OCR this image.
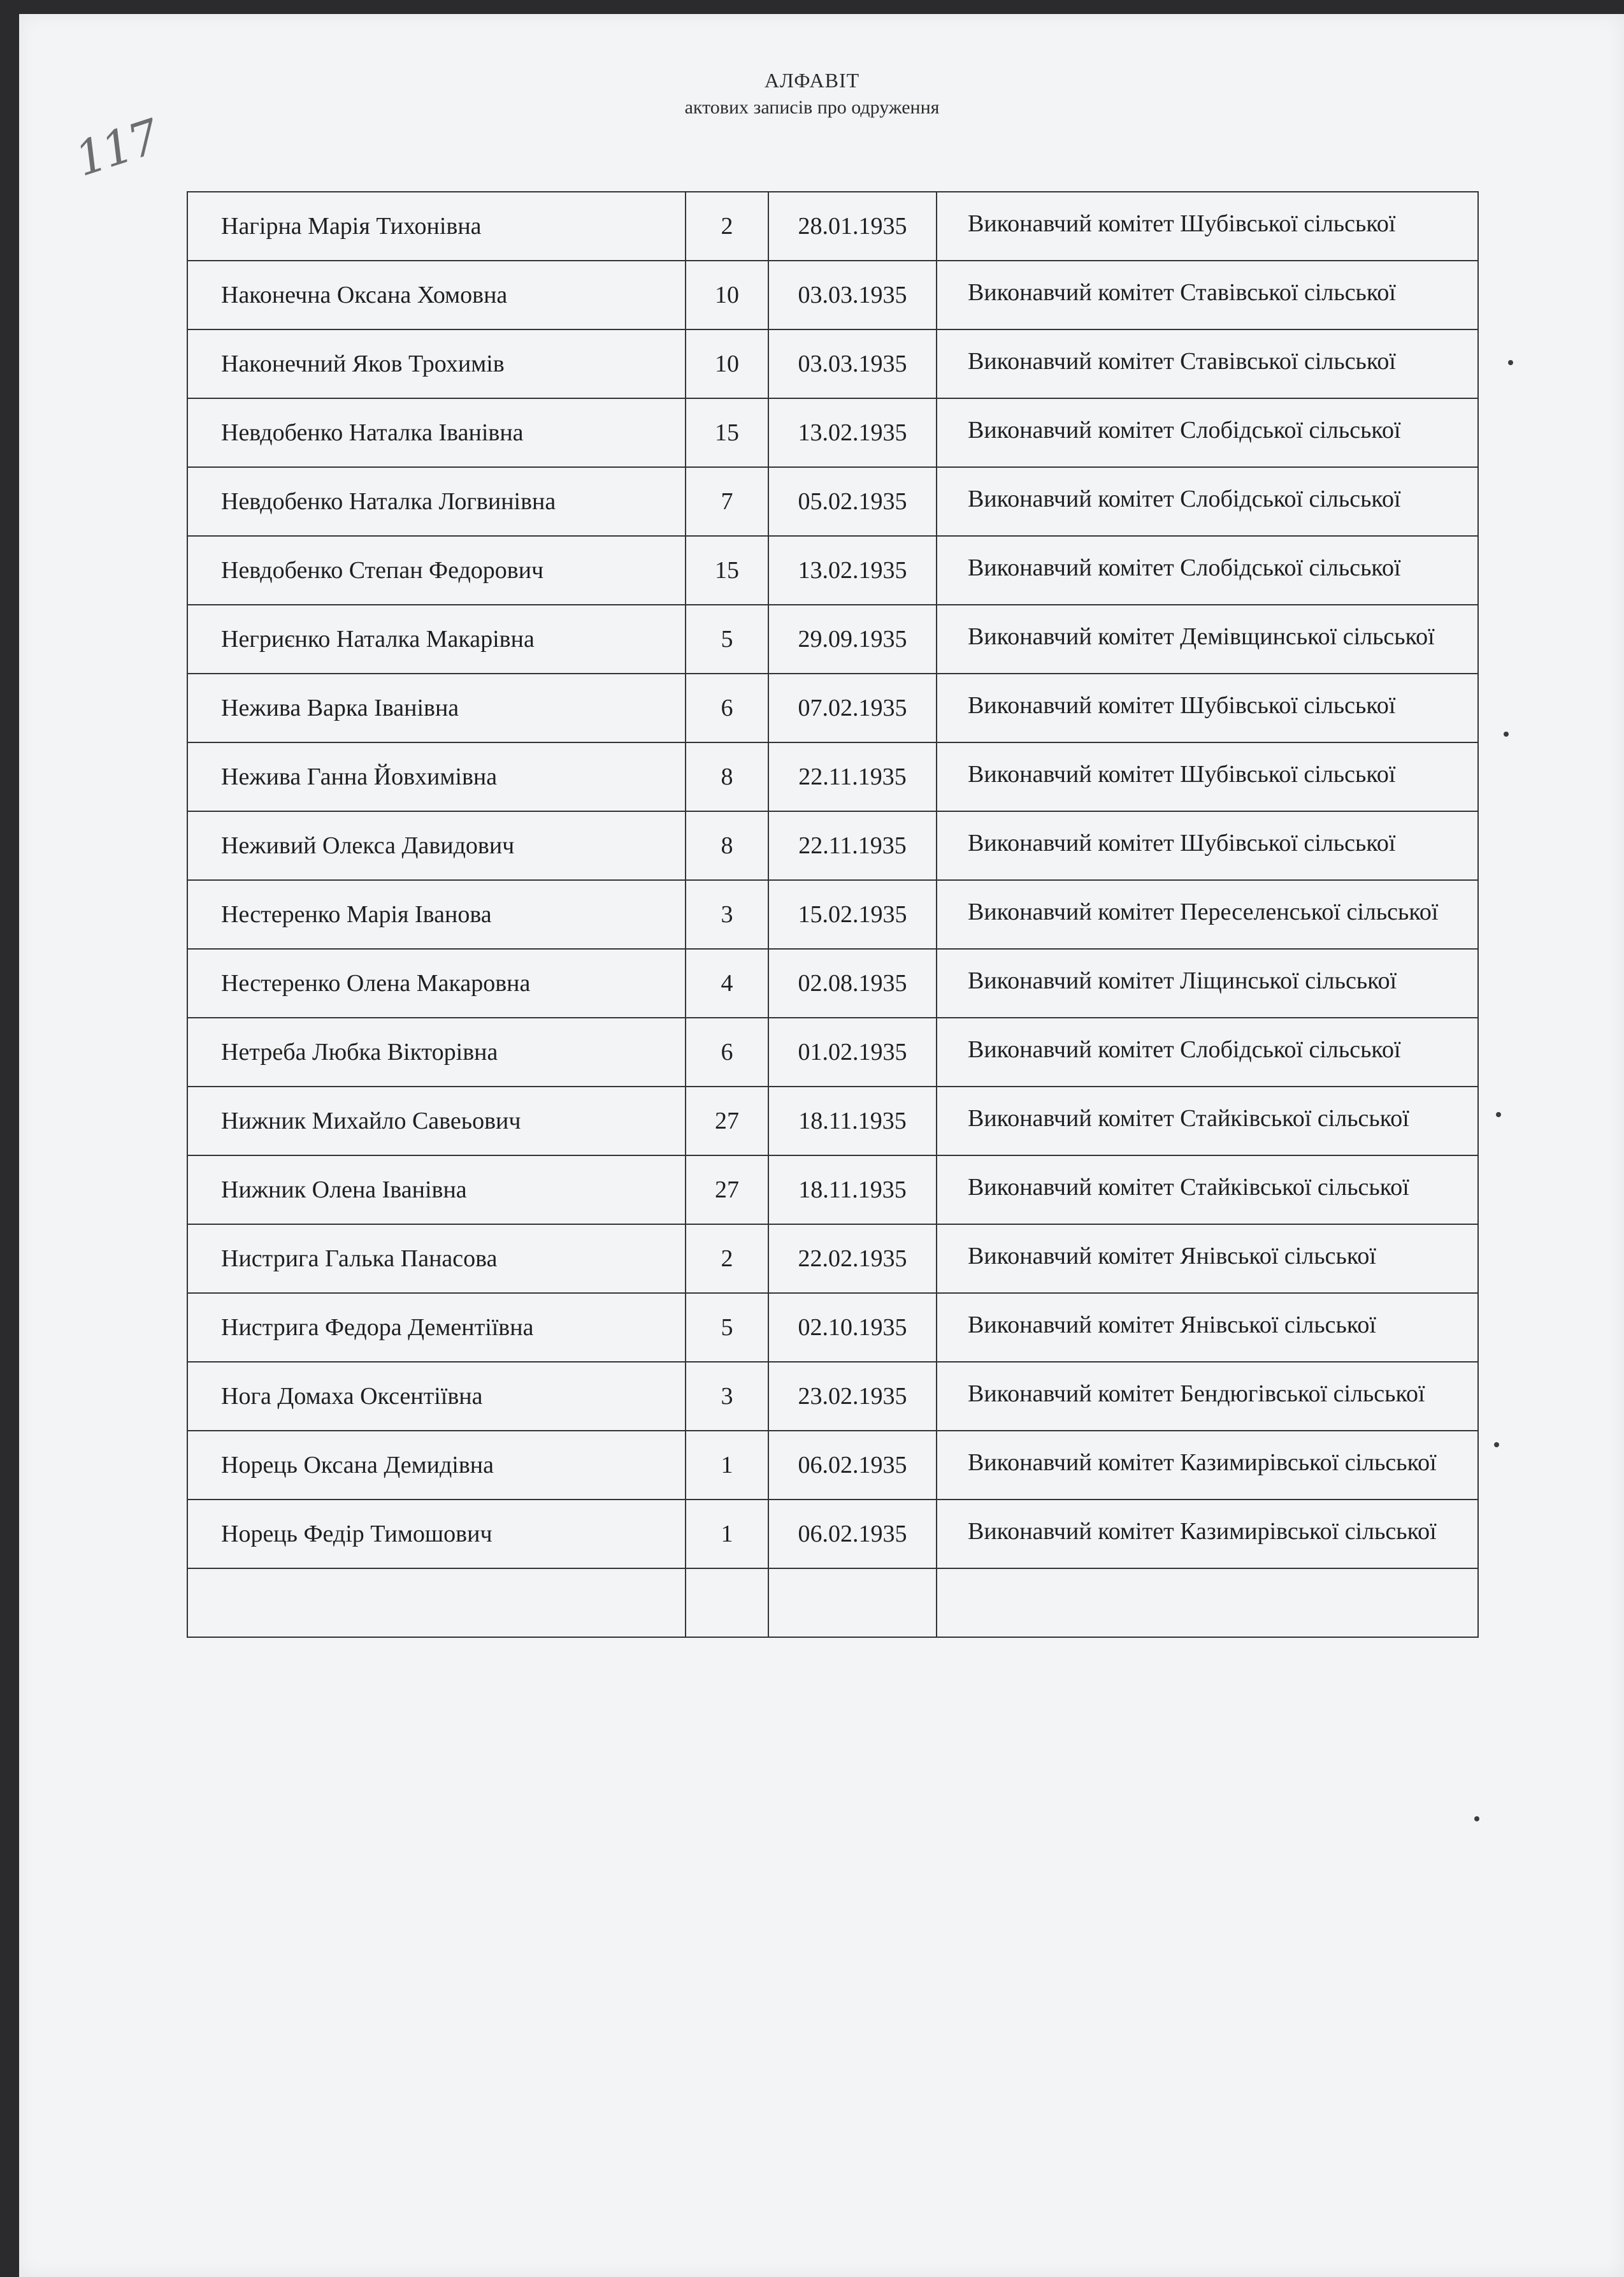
117
АЛФАВІТ
актових записів про одруження
Нагірна Марія Тихонівна	2	28.01.1935	Виконавчий комітет Шубівської сільської

Наконечна Оксана Хомовна	10	03.03.1935	Виконавчий комітет Ставівської сільської

Наконечний Яков Трохимів	10	03.03.1935	Виконавчий комітет Ставівської сільської

Невдобенко Наталка Іванівна	15	13.02.1935	Виконавчий комітет Слобідської сільської

Невдобенко Наталка Логвинівна	7	05.02.1935	Виконавчий комітет Слобідської сільської

Невдобенко Степан Федорович	15	13.02.1935	Виконавчий комітет Слобідської сільської

Негриєнко Наталка Макарівна	5	29.09.1935	Виконавчий комітет Демівщинської сільської

Нежива Варка Іванівна	6	07.02.1935	Виконавчий комітет Шубівської сільської

Нежива Ганна Йовхимівна	8	22.11.1935	Виконавчий комітет Шубівської сільської

Неживий Олекса Давидович	8	22.11.1935	Виконавчий комітет Шубівської сільської

Нестеренко Марія Іванова	3	15.02.1935	Виконавчий комітет Переселенської сільської

Нестеренко Олена Макаровна	4	02.08.1935	Виконавчий комітет Ліщинської сільської

Нетреба Любка Вікторівна	6	01.02.1935	Виконавчий комітет Слобідської сільської

Нижник Михайло Савеьович	27	18.11.1935	Виконавчий комітет Стайківської сільської

Нижник Олена Іванівна	27	18.11.1935	Виконавчий комітет Стайківської сільської

Нистрига Галька Панасова	2	22.02.1935	Виконавчий комітет Янівської сільської

Нистрига Федора Дементіївна	5	02.10.1935	Виконавчий комітет Янівської сільської

Нога Домаха Оксентіївна	3	23.02.1935	Виконавчий комітет Бендюгівської сільської

Норець Оксана Демидівна	1	06.02.1935	Виконавчий комітет Казимирівської сільської

Норець Федір Тимошович	1	06.02.1935	Виконавчий комітет Казимирівської сільської
